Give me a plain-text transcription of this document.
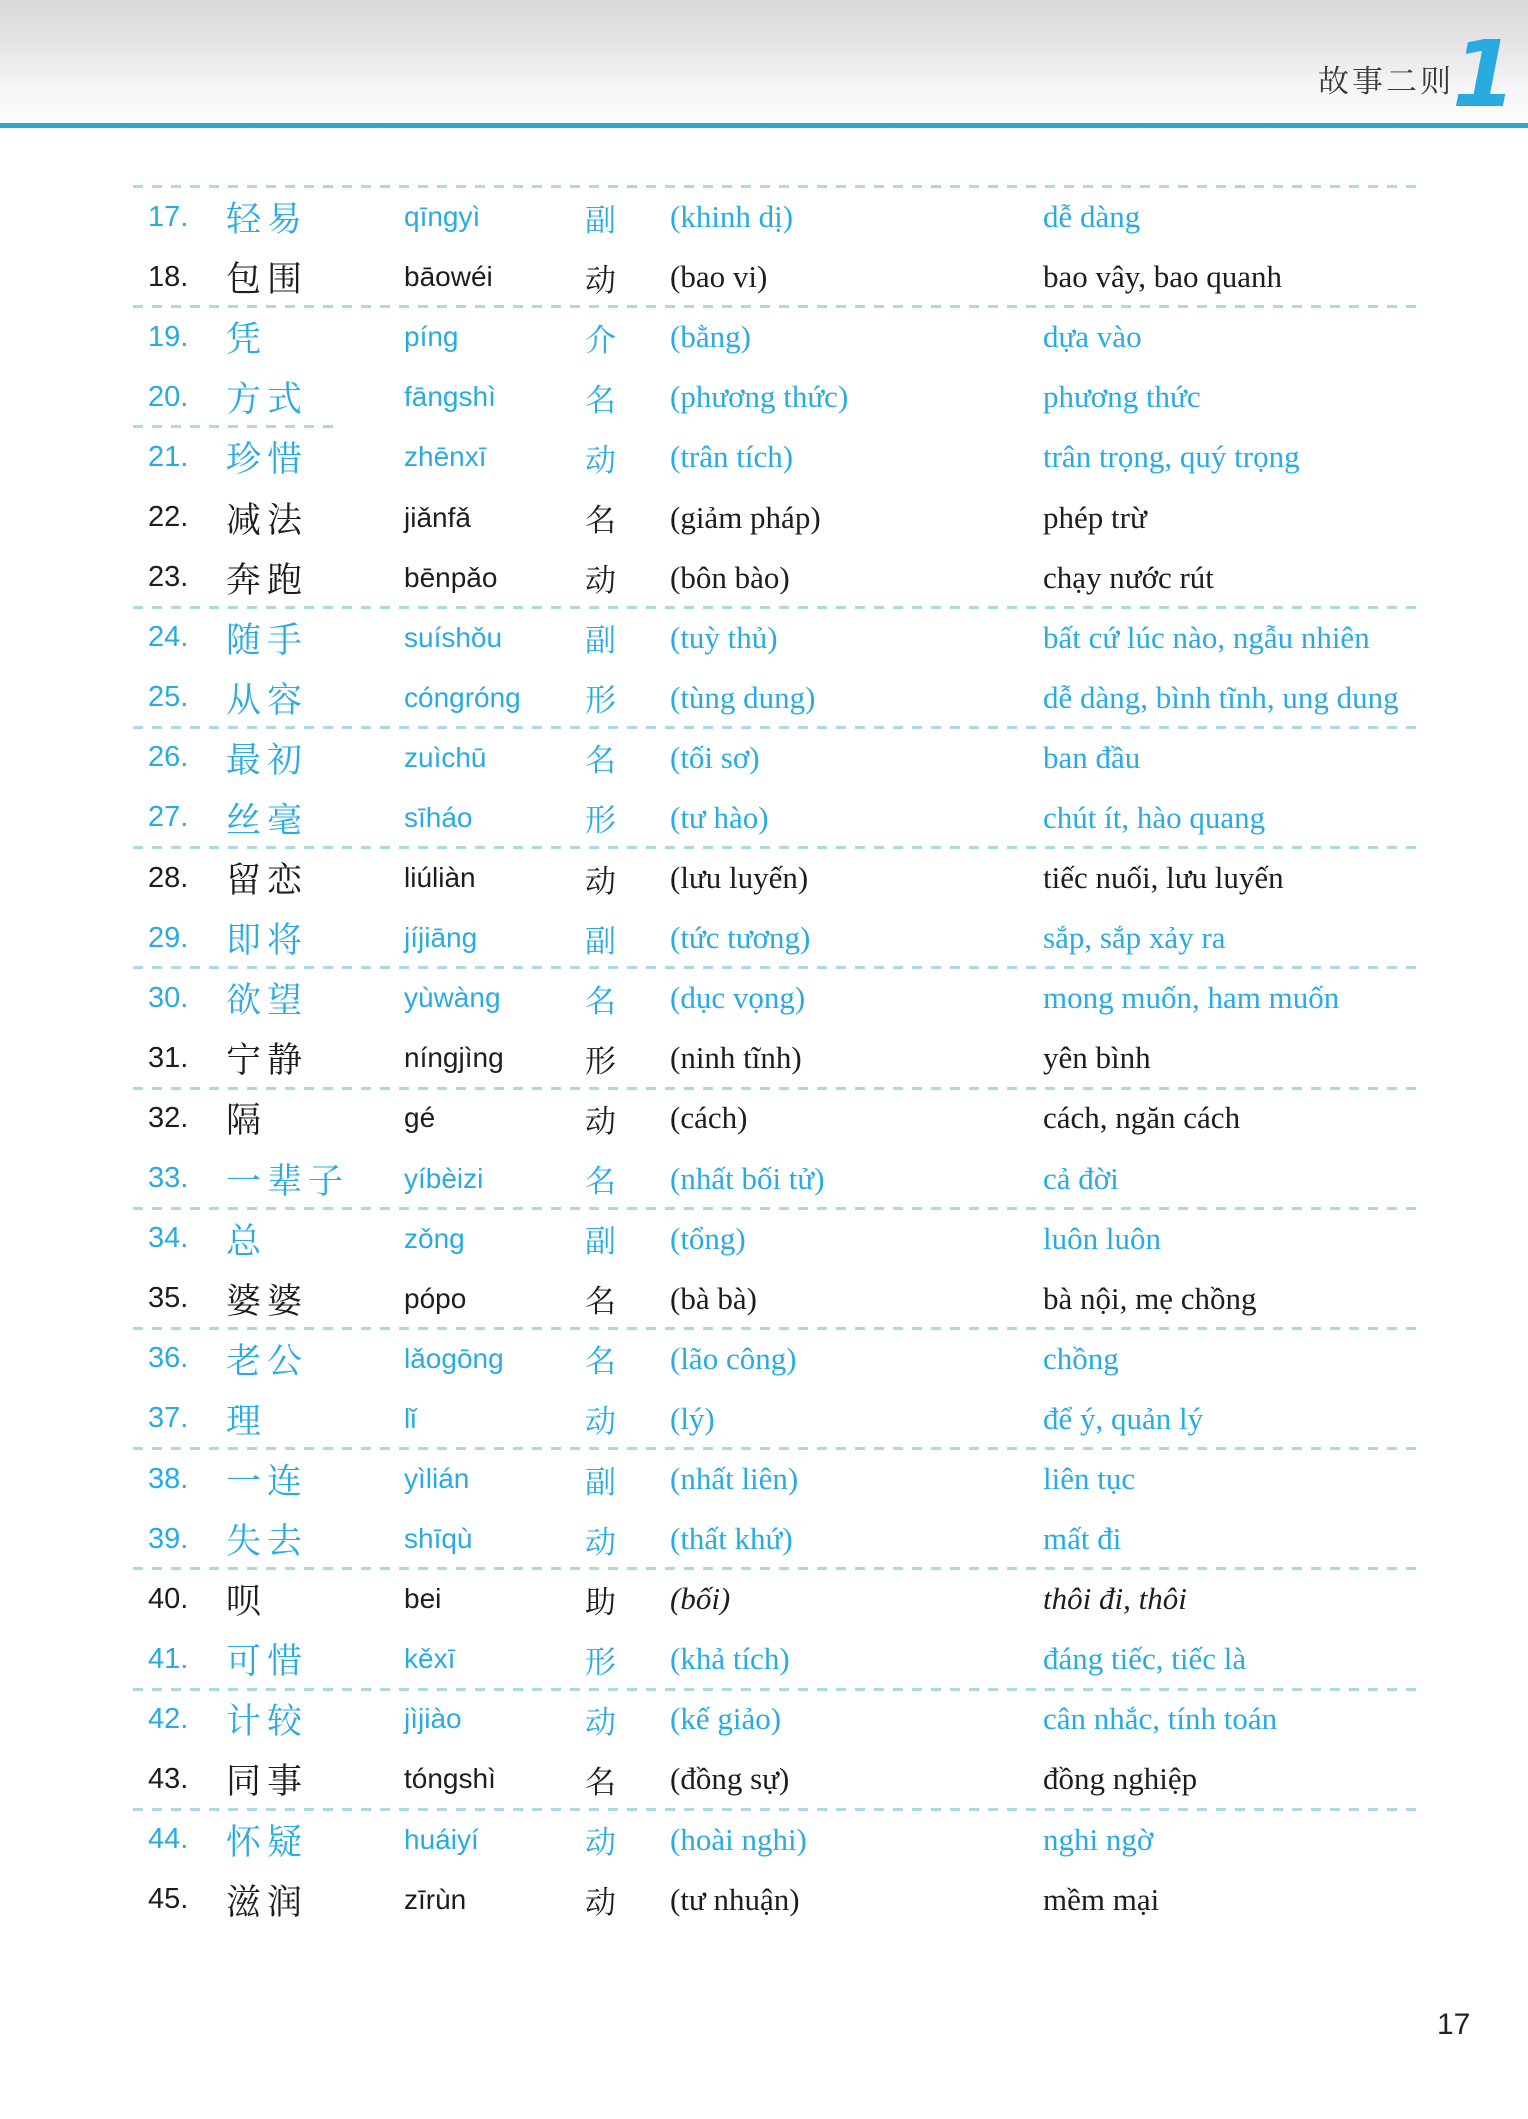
故事二则
1
17.	轻易	qīngyì	副	(khinh dị)	dễ dàng
18.	包围	bāowéi	动	(bao vi)	bao vây, bao quanh
19.	凭	píng	介	(bằng)	dựa vào
20.	方式	fāngshì	名	(phương thức)	phương thức
21.	珍惜	zhēnxī	动	(trân tích)	trân trọng, quý trọng
22.	减法	jiǎnfǎ	名	(giảm pháp)	phép trừ
23.	奔跑	bēnpǎo	动	(bôn bào)	chạy nước rút
24.	随手	suíshǒu	副	(tuỳ thủ)	bất cứ lúc nào, ngẫu nhiên
25.	从容	cóngróng	形	(tùng dung)	dễ dàng, bình tĩnh, ung dung
26.	最初	zuìchū	名	(tối sơ)	ban đầu
27.	丝毫	sīháo	形	(tư hào)	chút ít, hào quang
28.	留恋	liúliàn	动	(lưu luyến)	tiếc nuối, lưu luyến
29.	即将	jíjiāng	副	(tức tương)	sắp, sắp xảy ra
30.	欲望	yùwàng	名	(dục vọng)	mong muốn, ham muốn
31.	宁静	níngjìng	形	(ninh tĩnh)	yên bình
32.	隔	gé	动	(cách)	cách, ngăn cách
33.	一辈子	yíbèizi	名	(nhất bối tử)	cả đời
34.	总	zǒng	副	(tổng)	luôn luôn
35.	婆婆	pópo	名	(bà bà)	bà nội, mẹ chồng
36.	老公	lǎogōng	名	(lão công)	chồng
37.	理	lǐ	动	(lý)	để ý, quản lý
38.	一连	yìlián	副	(nhất liên)	liên tục
39.	失去	shīqù	动	(thất khứ)	mất đi
40.	呗	bei	助	(bối)	thôi đi, thôi
41.	可惜	kěxī	形	(khả tích)	đáng tiếc, tiếc là
42.	计较	jìjiào	动	(kế giảo)	cân nhắc, tính toán
43.	同事	tóngshì	名	(đồng sự)	đồng nghiệp
44.	怀疑	huáiyí	动	(hoài nghi)	nghi ngờ
45.	滋润	zīrùn	动	(tư nhuận)	mềm mại
17
